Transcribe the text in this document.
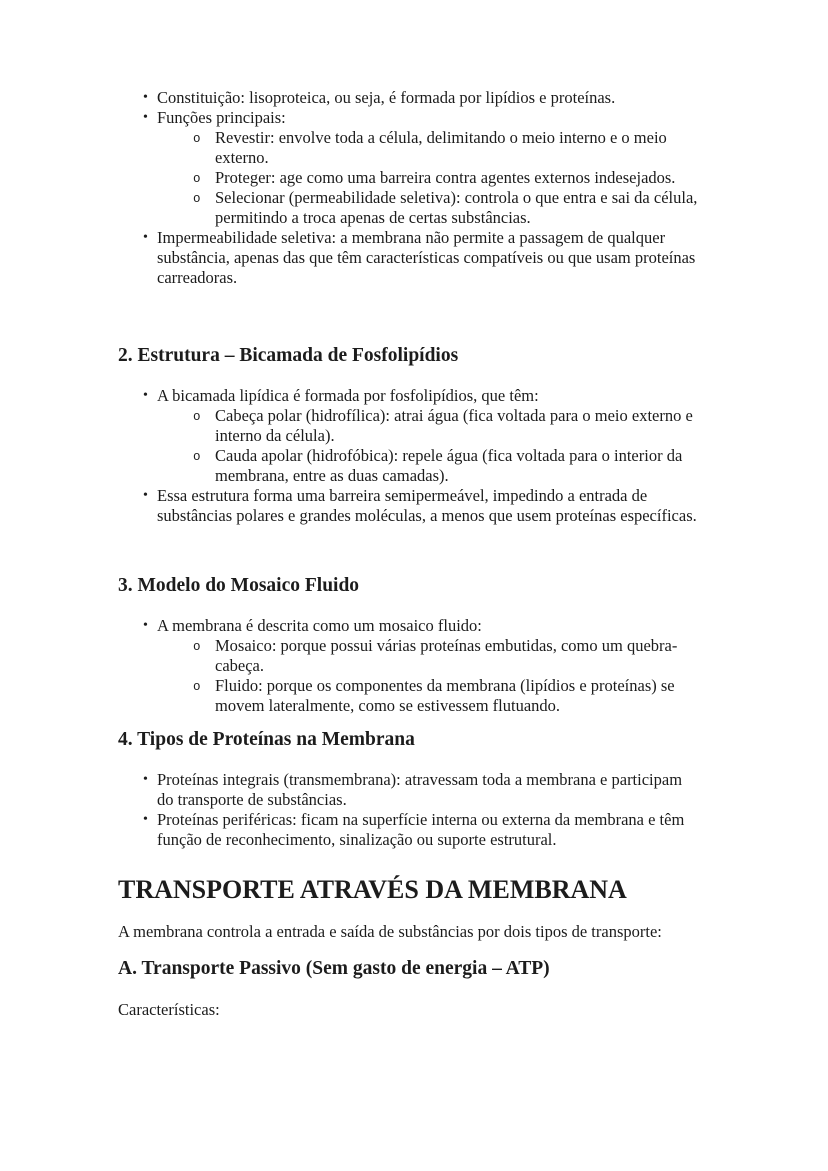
• Constituição: lisoproteica, ou seja, é formada por lipídios e proteínas.
• Funções principais:
o Revestir: envolve toda a célula, delimitando o meio interno e o meio externo.
o Proteger: age como uma barreira contra agentes externos indesejados.
o Selecionar (permeabilidade seletiva): controla o que entra e sai da célula, permitindo a troca apenas de certas substâncias.
• Impermeabilidade seletiva: a membrana não permite a passagem de qualquer substância, apenas das que têm características compatíveis ou que usam proteínas carreadoras.
2. Estrutura – Bicamada de Fosfolipídios
• A bicamada lipídica é formada por fosfolipídios, que têm:
o Cabeça polar (hidrofílica): atrai água (fica voltada para o meio externo e interno da célula).
o Cauda apolar (hidrofóbica): repele água (fica voltada para o interior da membrana, entre as duas camadas).
• Essa estrutura forma uma barreira semipermeável, impedindo a entrada de substâncias polares e grandes moléculas, a menos que usem proteínas específicas.
3. Modelo do Mosaico Fluido
• A membrana é descrita como um mosaico fluido:
o Mosaico: porque possui várias proteínas embutidas, como um quebra-cabeça.
o Fluido: porque os componentes da membrana (lipídios e proteínas) se movem lateralmente, como se estivessem flutuando.
4. Tipos de Proteínas na Membrana
• Proteínas integrais (transmembrana): atravessam toda a membrana e participam do transporte de substâncias.
• Proteínas periféricas: ficam na superfície interna ou externa da membrana e têm função de reconhecimento, sinalização ou suporte estrutural.
TRANSPORTE ATRAVÉS DA MEMBRANA

A membrana controla a entrada e saída de substâncias por dois tipos de transporte:

A. Transporte Passivo (Sem gasto de energia – ATP)

Características:
